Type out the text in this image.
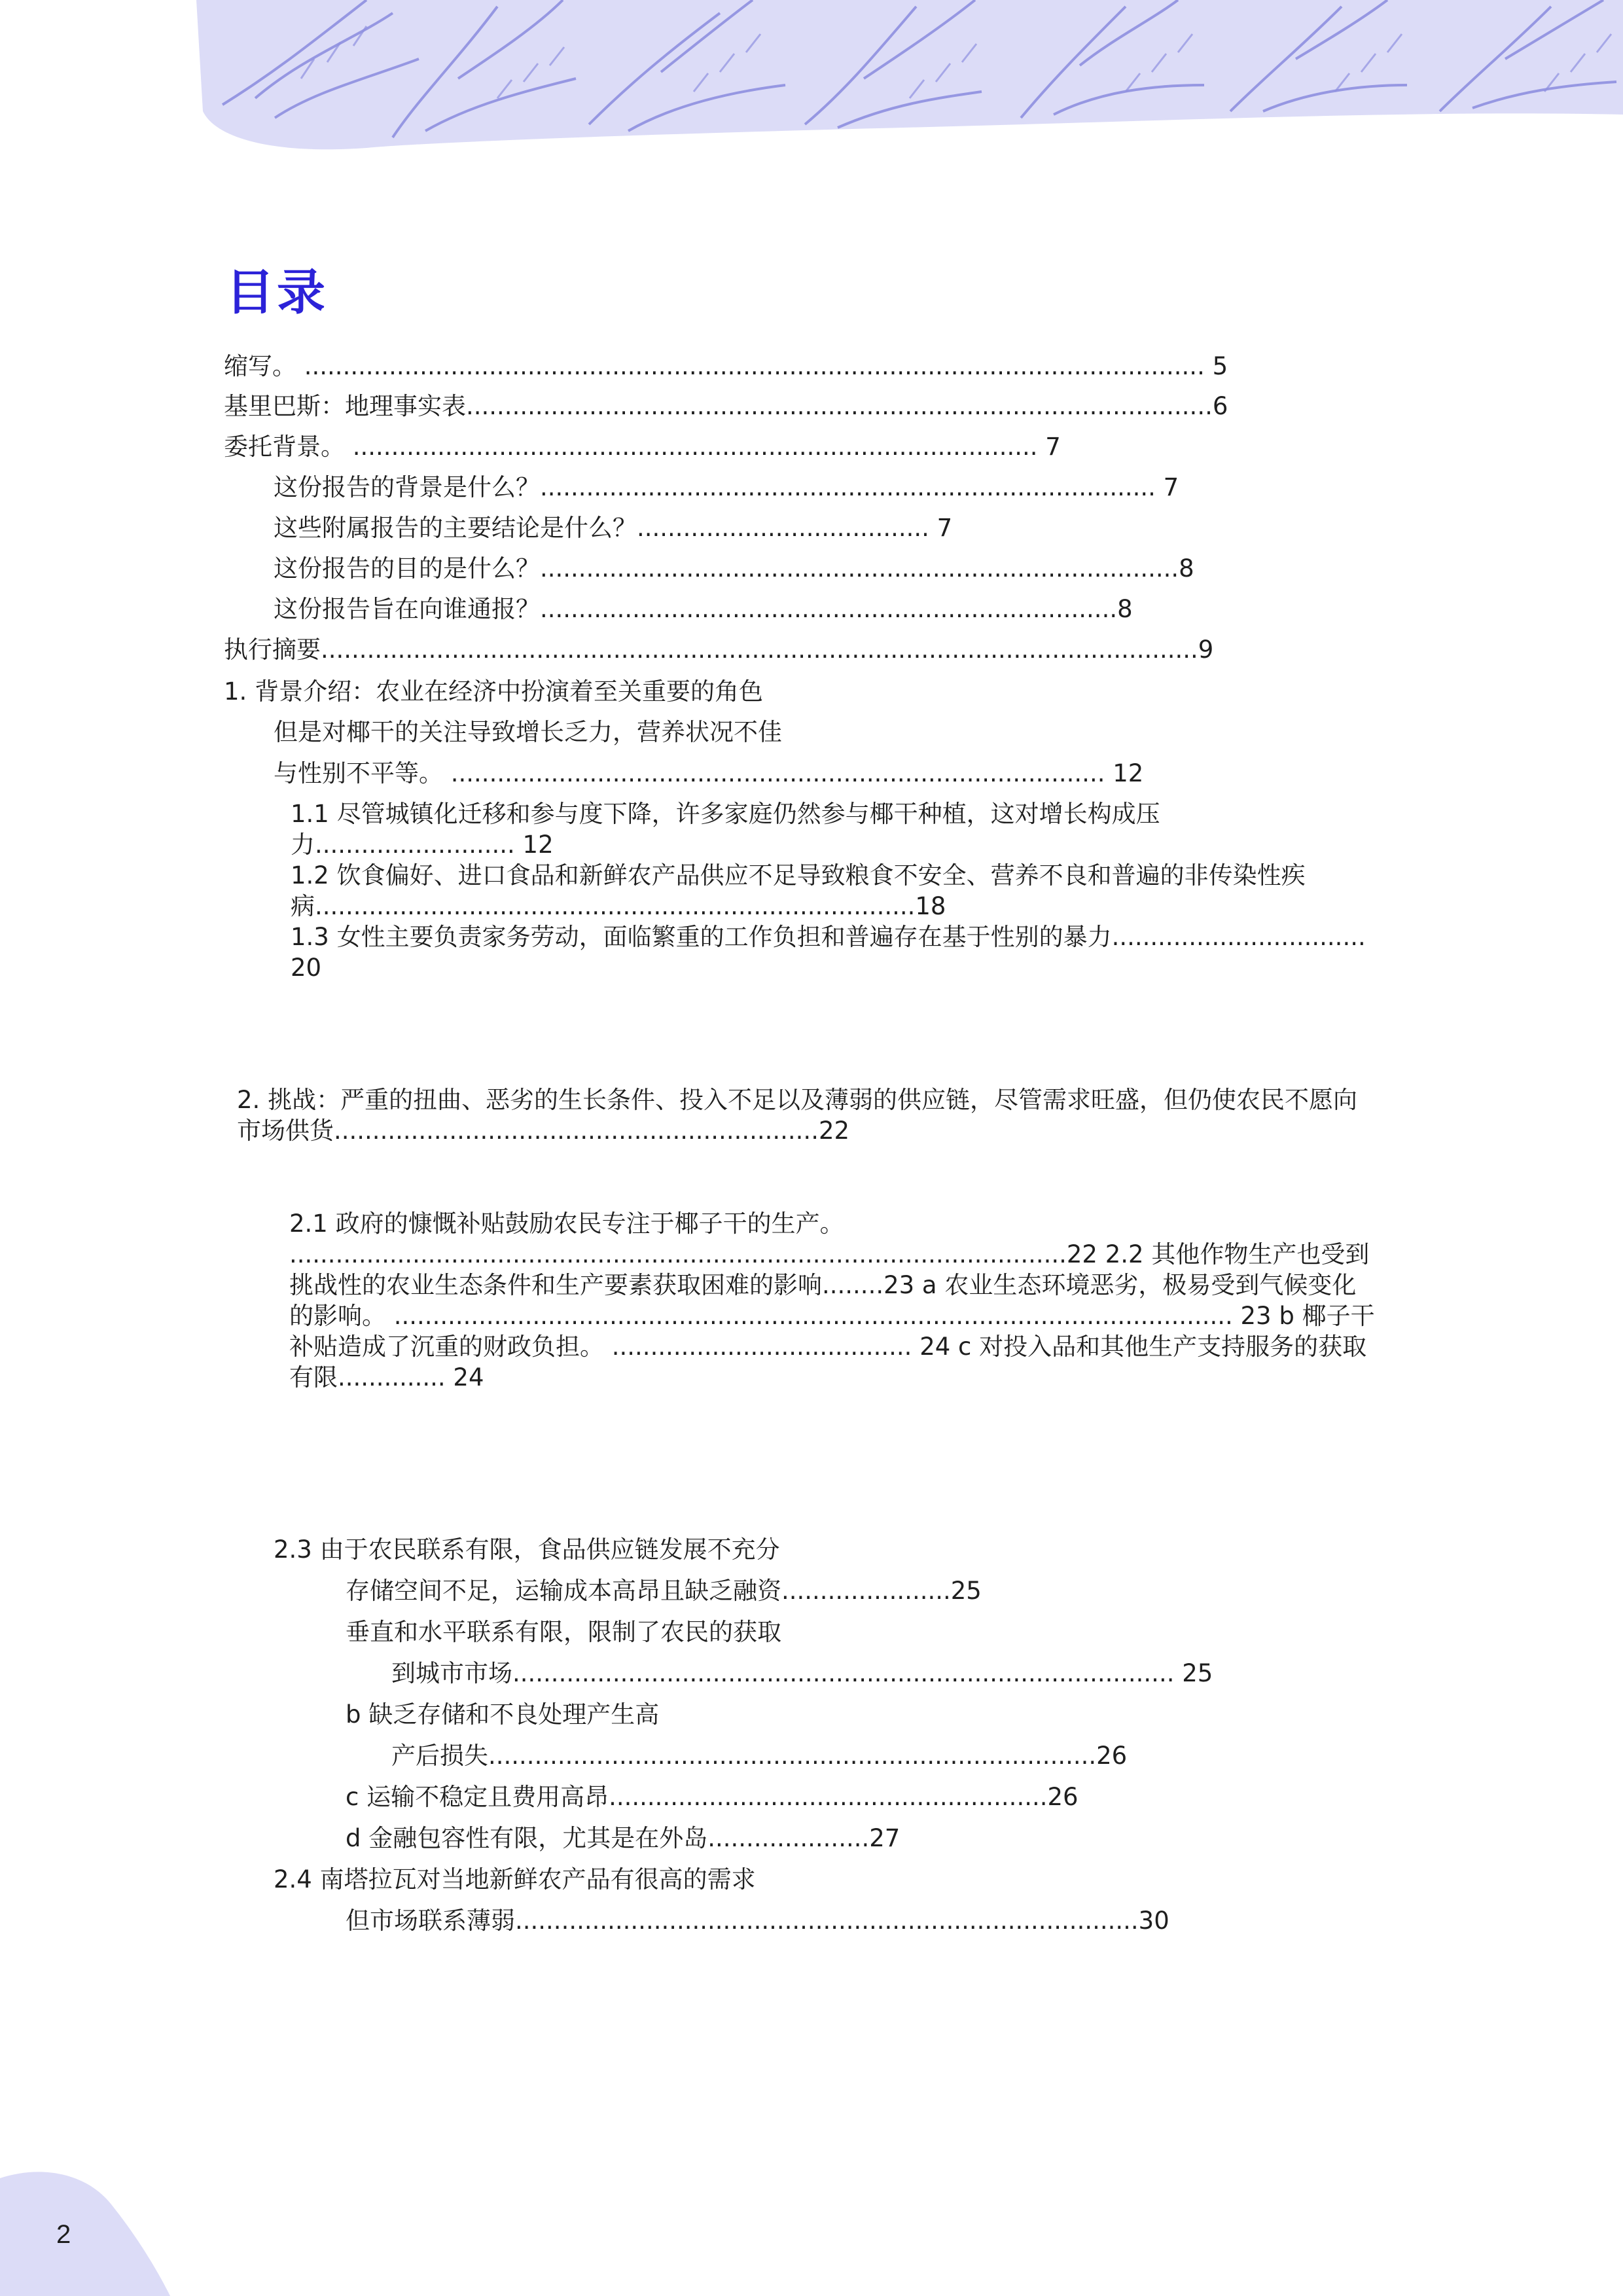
目录
缩写。 ..................................................................................................................... 5
基里巴斯：地理事实表.................................................................................................6
委托背景。 ......................................................................................... 7
这份报告的背景是什么？................................................................................ 7
这些附属报告的主要结论是什么？...................................... 7
这份报告的目的是什么？...................................................................................8
这份报告旨在向谁通报？...........................................................................8
执行摘要..................................................................................................................9
1. 背景介绍：农业在经济中扮演着至关重要的角色
但是对椰干的关注导致增长乏力，营养状况不佳
与性别不平等。 ..................................................................................... 12
1.1 尽管城镇化迁移和参与度下降，许多家庭仍然参与椰干种植，这对增长构成压力.......................... 12
1.2 饮食偏好、进口食品和新鲜农产品供应不足导致粮食不安全、营养不良和普遍的非传染性疾病..............................................................................18
1.3 女性主要负责家务劳动，面临繁重的工作负担和普遍存在基于性别的暴力.................................20
2. 挑战：严重的扭曲、恶劣的生长条件、投入不足以及薄弱的供应链，尽管需求旺盛，但仍使农民不愿向市场供货...............................................................22
2.1 政府的慷慨补贴鼓励农民专注于椰子干的生产。 .....................................................................................................22 2.2 其他作物生产也受到挑战性的农业生态条件和生产要素获取困难的影响........23 a 农业生态环境恶劣，极易受到气候变化的影响。 ............................................................................................................. 23 b 椰子干补贴造成了沉重的财政负担。 ....................................... 24 c 对投入品和其他生产支持服务的获取有限.............. 24
2.3 由于农民联系有限，食品供应链发展不充分
存储空间不足，运输成本高昂且缺乏融资......................25
垂直和水平联系有限，限制了农民的获取
到城市市场...................................................................................... 25
b 缺乏存储和不良处理产生高
产后损失...............................................................................26
c 运输不稳定且费用高昂.........................................................26
d 金融包容性有限，尤其是在外岛.....................27
2.4 南塔拉瓦对当地新鲜农产品有很高的需求
但市场联系薄弱.................................................................................30
2
